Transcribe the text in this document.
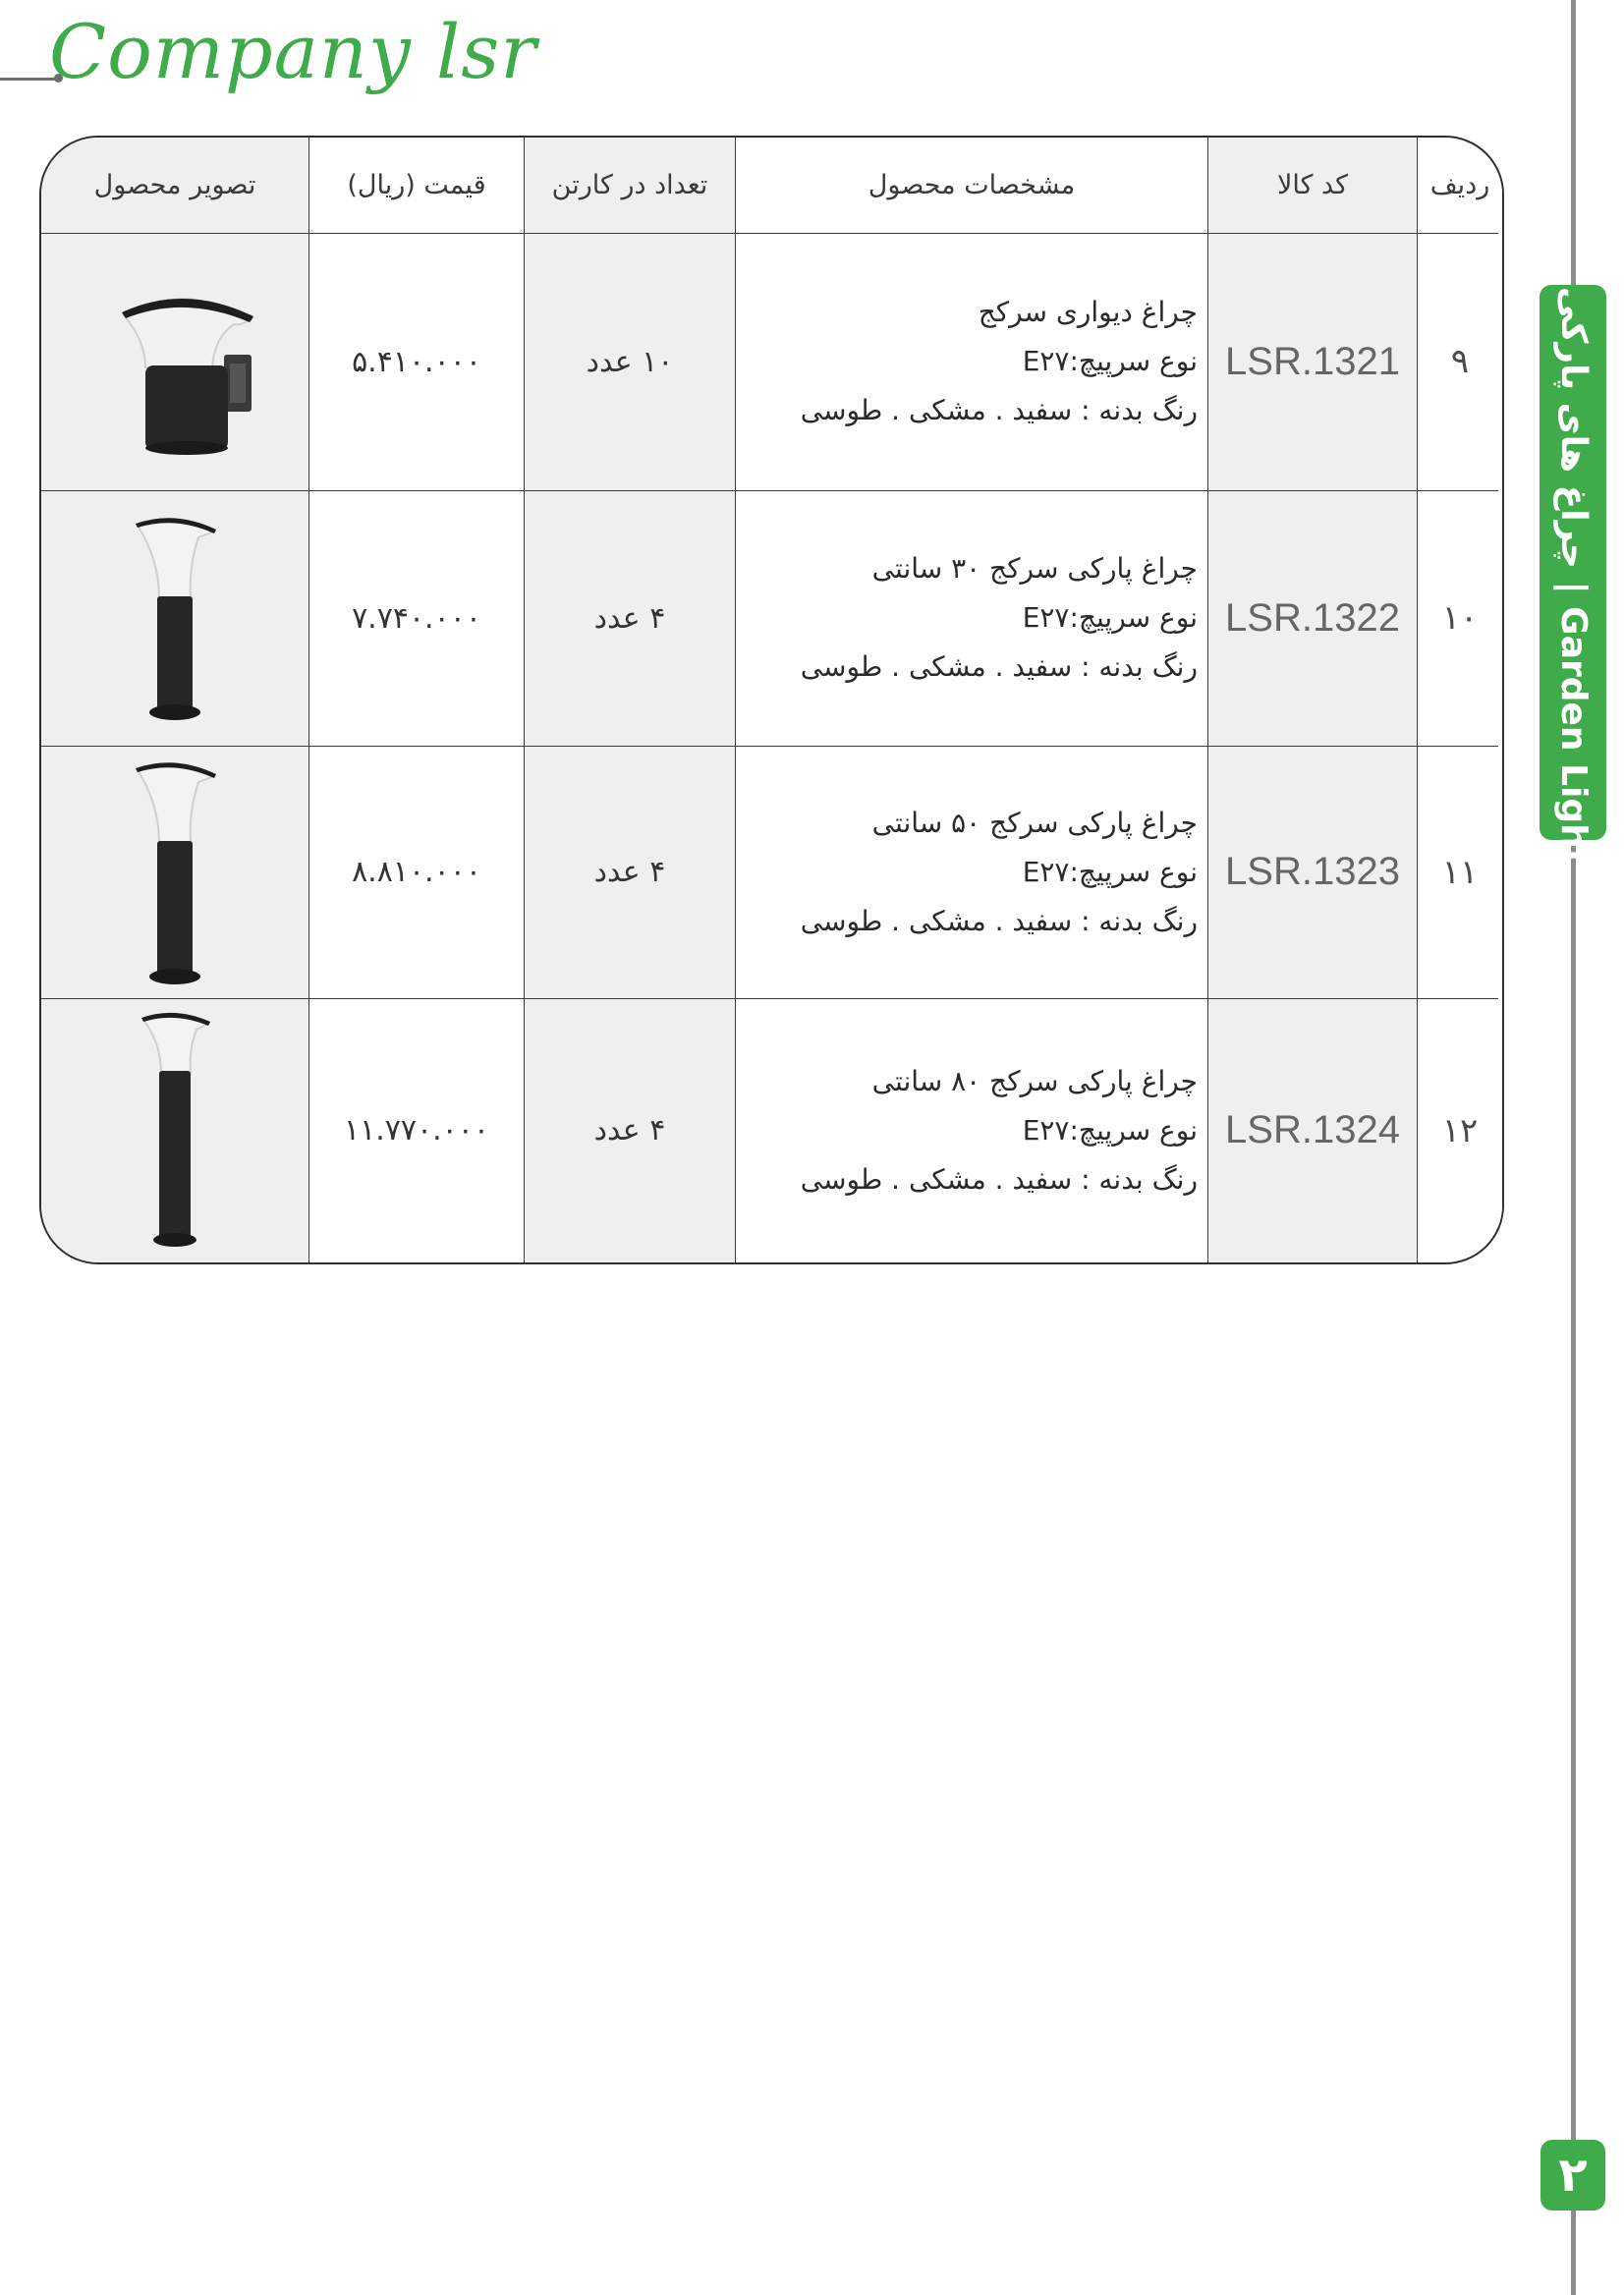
Company lsr
چراغ های پارکی | Garden Light
۲
ردیف	کد کالا	مشخصات محصول	تعداد در کارتن	قیمت (ریال)	تصویر محصول
۹	LSR.1321	چراغ دیواری سرکج
نوع سرپیچ:E۲۷
رنگ بدنه : سفید . مشکی . طوسی	۱۰ عدد	۵.۴۱۰.۰۰۰	
۱۰	LSR.1322	چراغ پارکی سرکج ۳۰ سانتی
نوع سرپیچ:E۲۷
رنگ بدنه : سفید . مشکی . طوسی	۴ عدد	۷.۷۴۰.۰۰۰	
۱۱	LSR.1323	چراغ پارکی سرکج ۵۰ سانتی
نوع سرپیچ:E۲۷
رنگ بدنه : سفید . مشکی . طوسی	۴ عدد	۸.۸۱۰.۰۰۰	
۱۲	LSR.1324	چراغ پارکی سرکج ۸۰ سانتی
نوع سرپیچ:E۲۷
رنگ بدنه : سفید . مشکی . طوسی	۴ عدد	۱۱.۷۷۰.۰۰۰	
